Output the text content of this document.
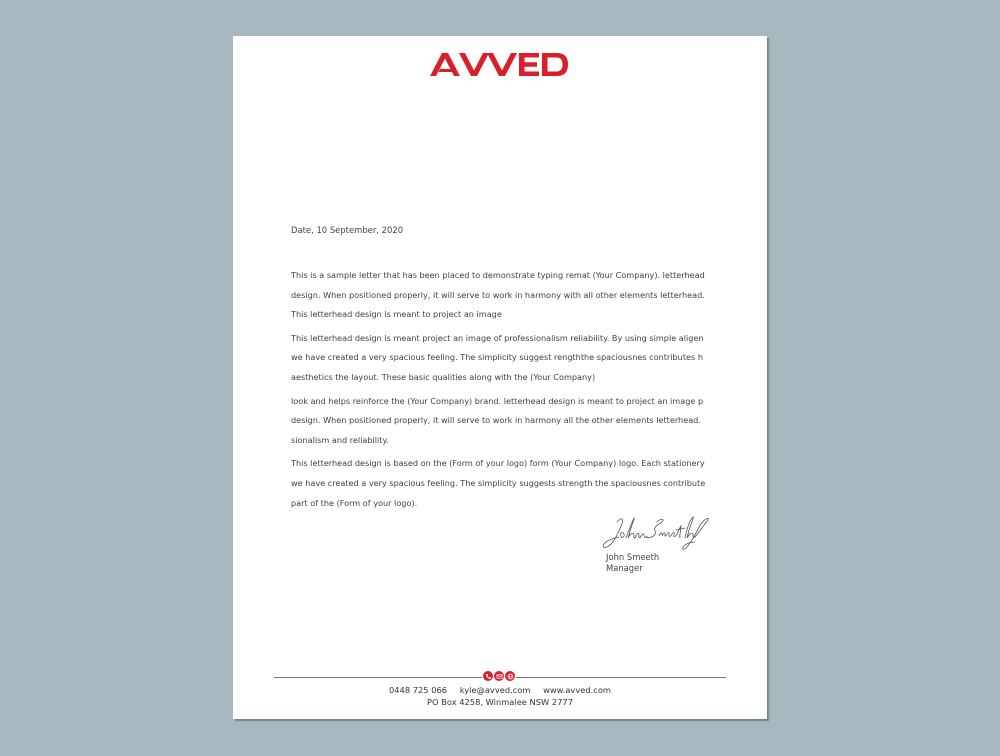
Date, 10 September, 2020

This is a sample letter that has been placed to demonstrate typing remat (Your Company). letterhead
design. When positioned properly, it will serve to work in harmony with all other elements letterhead.
This letterhead design is meant to project an image

This letterhead design is meant project an image of professionalism reliability. By using simple aligen
we have created a very spacious feeling. The simplicity suggest rengththe spaciousnes contributes h
aesthetics the layout. These basic qualities along with the (Your Company)

look and helps reinforce the (Your Company) brand. letterhead design is meant to project an image p
design. When positioned properly, it will serve to work in harmony all the other elements letterhead.
sionalism and reliability.

This letterhead design is based on the (Form of your logo) form (Your Company) logo. Each stationery
we have created a very spacious feeling. The simplicity suggests strength the spaciousnes contribute
part of the (Form of your logo).

John Smeeth
Manager
0448 725 066 kyle@avved.com www.avved.com
PO Box 4258, Winmalee NSW 2777
